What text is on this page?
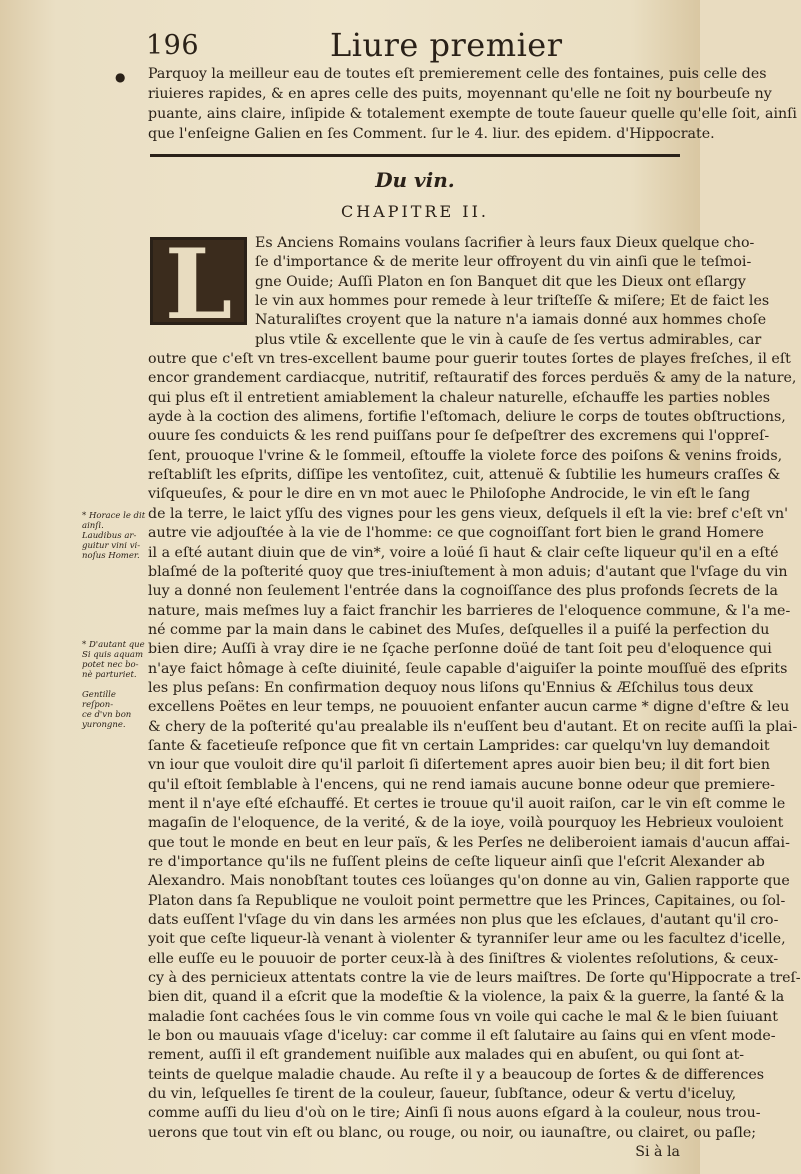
196	Liure premier
● Parquoy la meilleur eau de toutes eſt premierement celle des fontaines, puis celle des
riuieres rapides, & en apres celle des puits, moyennant qu'elle ne ſoit ny bourbeuſe ny
puante, ains claire, inſipide & totalement exempte de toute ſaueur quelle qu'elle ſoit, ainſi
que l'enſeigne Galien en ſes Comment. ſur le 4. liur. des epidem. d'Hippocrate.
Du vin.
CHAPITRE II.
L	Es Anciens Romains voulans ſacrifier à leurs faux Dieux quelque cho-
ſe d'importance & de merite leur offroyent du vin ainſi que le teſmoi-
gne Ouide; Auſſi Platon en ſon Banquet dit que les Dieux ont eſlargy
le vin aux hommes pour remede à leur triſteſſe & miſere; Et de faict les
Naturaliſtes croyent que la nature n'a iamais donné aux hommes choſe
plus vtile & excellente que le vin à cauſe de ſes vertus admirables, car
outre que c'eſt vn tres-excellent baume pour guerir toutes ſortes de playes freſches, il eſt
encor grandement cardiacque, nutritif, reſtauratif des forces perduës & amy de la nature,
qui plus eſt il entretient amiablement la chaleur naturelle, eſchauffe les parties nobles
ayde à la coction des alimens, fortifie l'eſtomach, deliure le corps de toutes obſtructions,
ouure ſes conduicts & les rend puiſſans pour ſe deſpeſtrer des excremens qui l'oppreſ-
ſent, prouoque l'vrine & le ſommeil, eſtouffe la violete force des poiſons & venins froids,
reſtabliſt les eſprits, diſſipe les ventoſitez, cuit, attenuë & ſubtilie les humeurs craſſes &
viſqueuſes, & pour le dire en vn mot auec le Philoſophe Androcide, le vin eſt le ſang
de la terre, le laict yſſu des vignes pour les gens vieux, deſquels il eſt la vie: bref c'eſt vn'
autre vie adjouſtée à la vie de l'homme: ce que cognoiſſant fort bien le grand Homere
il a eſté autant diuin que de vin*, voire a loüé ſi haut & clair ceſte liqueur qu'il en a eſté
blaſmé de la poſterité quoy que tres-iniuſtement à mon aduis; d'autant que l'vſage du vin
luy a donné non ſeulement l'entrée dans la cognoiſſance des plus profonds ſecrets de la
nature, mais meſmes luy a faict franchir les barrieres de l'eloquence commune, & l'a me-
né comme par la main dans le cabinet des Muſes, deſquelles il a puiſé la perfection du
bien dire; Auſſi à vray dire ie ne ſçache perſonne doüé de tant ſoit peu d'eloquence qui
n'aye faict hômage à ceſte diuinité, ſeule capable d'aiguiſer la pointe mouſſuë des eſprits
les plus peſans: En confirmation dequoy nous liſons qu'Ennius & Æſchilus tous deux
excellens Poëtes en leur temps, ne pouuoient enfanter aucun carme * digne d'eſtre & leu
& chery de la poſterité qu'au prealable ils n'euſſent beu d'autant. Et on recite auſſi la plai-
ſante & facetieuſe reſponce que fit vn certain Lamprides: car quelqu'vn luy demandoit
vn iour que vouloit dire qu'il parloit ſi diſertement apres auoir bien beu; il dit fort bien
qu'il eſtoit ſemblable à l'encens, qui ne rend iamais aucune bonne odeur que premiere-
ment il n'aye eſté eſchauffé. Et certes ie trouue qu'il auoit raiſon, car le vin eſt comme le
magaſin de l'eloquence, de la verité, & de la ioye, voilà pourquoy les Hebrieux vouloient
que tout le monde en beut en leur païs, & les Perſes ne deliberoient iamais d'aucun affai-
re d'importance qu'ils ne fuſſent pleins de ceſte liqueur ainſi que l'eſcrit Alexander ab
Alexandro. Mais nonobſtant toutes ces loüanges qu'on donne au vin, Galien rapporte que
Platon dans ſa Republique ne vouloit point permettre que les Princes, Capitaines, ou ſol-
dats euſſent l'vſage du vin dans les armées non plus que les eſclaues, d'autant qu'il cro-
yoit que ceſte liqueur-là venant à violenter & tyranniſer leur ame ou les facultez d'icelle,
elle euſſe eu le pouuoir de porter ceux-là à des ſiniſtres & violentes reſolutions, & ceux-
cy à des pernicieux attentats contre la vie de leurs maiſtres. De ſorte qu'Hippocrate a treſ-
bien dit, quand il a eſcrit que la modeſtie & la violence, la paix & la guerre, la ſanté & la
maladie ſont cachées ſous le vin comme ſous vn voile qui cache le mal & le bien ſuiuant
le bon ou mauuais vſage d'iceluy: car comme il eſt ſalutaire au ſains qui en vſent mode-
rement, auſſi il eſt grandement nuiſible aux malades qui en abuſent, ou qui ſont at-
teints de quelque maladie chaude. Au reſte il y a beaucoup de ſortes & de differences
du vin, leſquelles ſe tirent de la couleur, ſaueur, ſubſtance, odeur & vertu d'iceluy,
comme auſſi du lieu d'où on le tire; Ainſi ſi nous auons eſgard à la couleur, nous trou-
uerons que tout vin eſt ou blanc, ou rouge, ou noir, ou iaunaſtre, ou clairet, ou paſle;
Si à la
* Horace le dit
ainſi.
Laudibus ar-
guitur vini vi-
noſus Homer.
* D'autant que
Si quis aquam
potet nec bo-
nè parturiet.
Gentille reſpon-
ce d'vn bon
yurongne.
